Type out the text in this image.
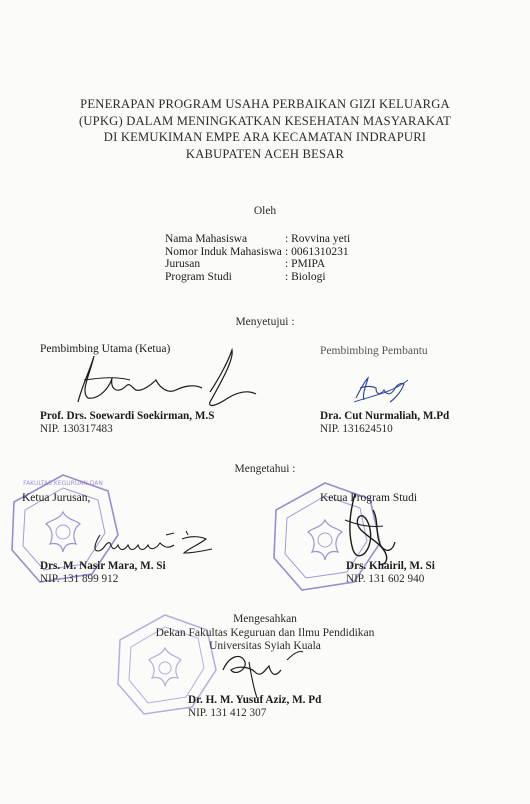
PENERAPAN PROGRAM USAHA PERBAIKAN GIZI KELUARGA
(UPKG) DALAM MENINGKATKAN KESEHATAN MASYARAKAT
DI KEMUKIMAN EMPE ARA KECAMATAN INDRAPURI
KABUPATEN ACEH BESAR
Oleh
Nama Mahasiswa	: Rovvina yeti
Nomor Induk Mahasiswa : 0061310231
Jurusan	: PMIPA
Program Studi	: Biologi
Menyetujui :
Pembimbing Utama (Ketua)
Prof. Drs. Soewardi Soekirman, M.S
NIP. 130317483
Pembimbing Pembantu
Dra. Cut Nurmaliah, M.Pd
NIP. 131624510
Mengetahui :
FAKULTAS KEGURUAN DAN
Ketua Jurusan,
Drs. M. Nasir Mara, M. Si
NIP. 131 899 912
Ketua Program Studi
Drs. Khairil, M. Si
NIP. 131 602 940
Mengesahkan
Dekan Fakultas Keguruan dan Ilmu Pendidikan
Universitas Syiah Kuala
Dr. H. M. Yusuf Aziz, M. Pd
NIP. 131 412 307
